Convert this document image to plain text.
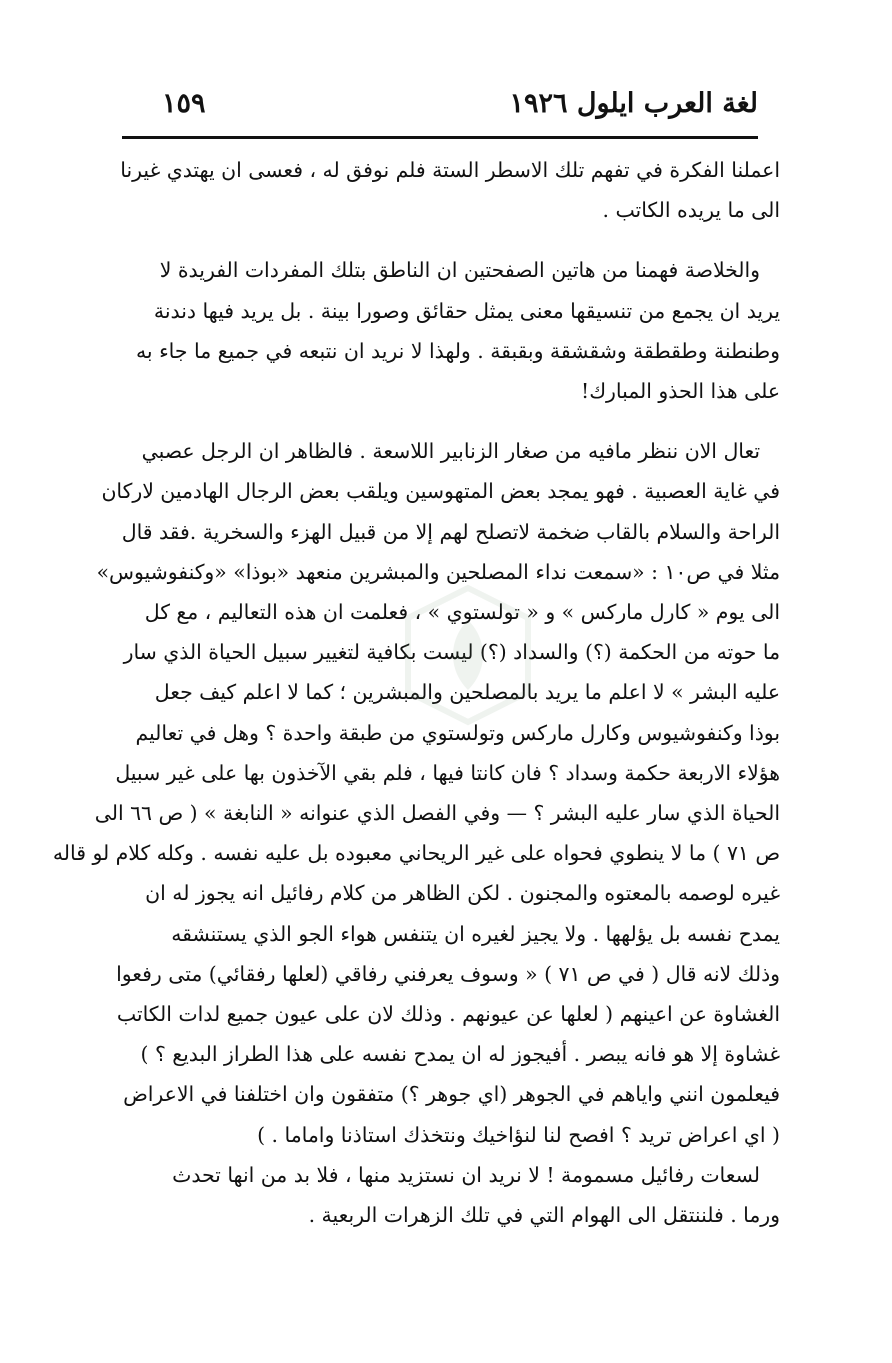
لغة العرب ايلول ١٩٢٦
١٥٩

اعملنا الفكرة في تفهم تلك الاسطر الستة فلم نوفق له ، فعسى ان يهتدي غيرنا
الى ما يريده الكاتب .

والخلاصة فهمنا من هاتين الصفحتين ان الناطق بتلك المفردات الفريدة لا
يريد ان يجمع من تنسيقها معنى يمثل حقائق وصورا بينة . بل يريد فيها دندنة
وطنطنة وطقطقة وشقشقة وبقبقة . ولهذا لا نريد ان نتبعه في جميع ما جاء به
على هذا الحذو المبارك!

تعال الان ننظر مافيه من صغار الزنابير اللاسعة . فالظاهر ان الرجل عصبي
في غاية العصبية . فهو يمجد بعض المتهوسين ويلقب بعض الرجال الهادمين لاركان
الراحة والسلام بالقاب ضخمة لاتصلح لهم إلا من قبيل الهزء والسخرية .فقد قال
مثلا في ص١٠ : «سمعت نداء المصلحين والمبشرين منعهد «بوذا» «وكنفوشيوس»
الى يوم « كارل ماركس » و « تولستوي » ، فعلمت ان هذه التعاليم ، مع كل
ما حوته من الحكمة (؟) والسداد (؟) ليست بكافية لتغيير سبيل الحياة الذي سار
عليه البشر » لا اعلم ما يريد بالمصلحين والمبشرين ؛ كما لا اعلم كيف جعل
بوذا وكنفوشيوس وكارل ماركس وتولستوي من طبقة واحدة ؟ وهل في تعاليم
هؤلاء الاربعة حكمة وسداد ؟ فان كانتا فيها ، فلم بقي الآخذون بها على غير سبيل
الحياة الذي سار عليه البشر ؟ — وفي الفصل الذي عنوانه « النابغة » ( ص ٦٦ الى
ص ٧١ ) ما لا ينطوي فحواه على غير الريحاني معبوده بل عليه نفسه . وكله كلام لو قاله
غيره لوصمه بالمعتوه والمجنون . لكن الظاهر من كلام رفائيل انه يجوز له ان
يمدح نفسه بل يؤلهها . ولا يجيز لغيره ان يتنفس هواء الجو الذي يستنشقه
وذلك لانه قال ( في ص ٧١ ) « وسوف يعرفني رفاقي (لعلها رفقائي) متى رفعوا
الغشاوة عن اعينهم ( لعلها عن عيونهم . وذلك لان على عيون جميع لدات الكاتب
غشاوة إلا هو فانه يبصر . أفيجوز له ان يمدح نفسه على هذا الطراز البديع ؟ )
فيعلمون انني واياهم في الجوهر (اي جوهر ؟) متفقون وان اختلفنا في الاعراض
( اي اعراض تريد ؟ افصح لنا لنؤاخيك ونتخذك استاذنا واماما . )

لسعات رفائيل مسمومة ! لا نريد ان نستزيد منها ، فلا بد من انها تحدث
ورما . فلننتقل الى الهوام التي في تلك الزهرات الربعية .
